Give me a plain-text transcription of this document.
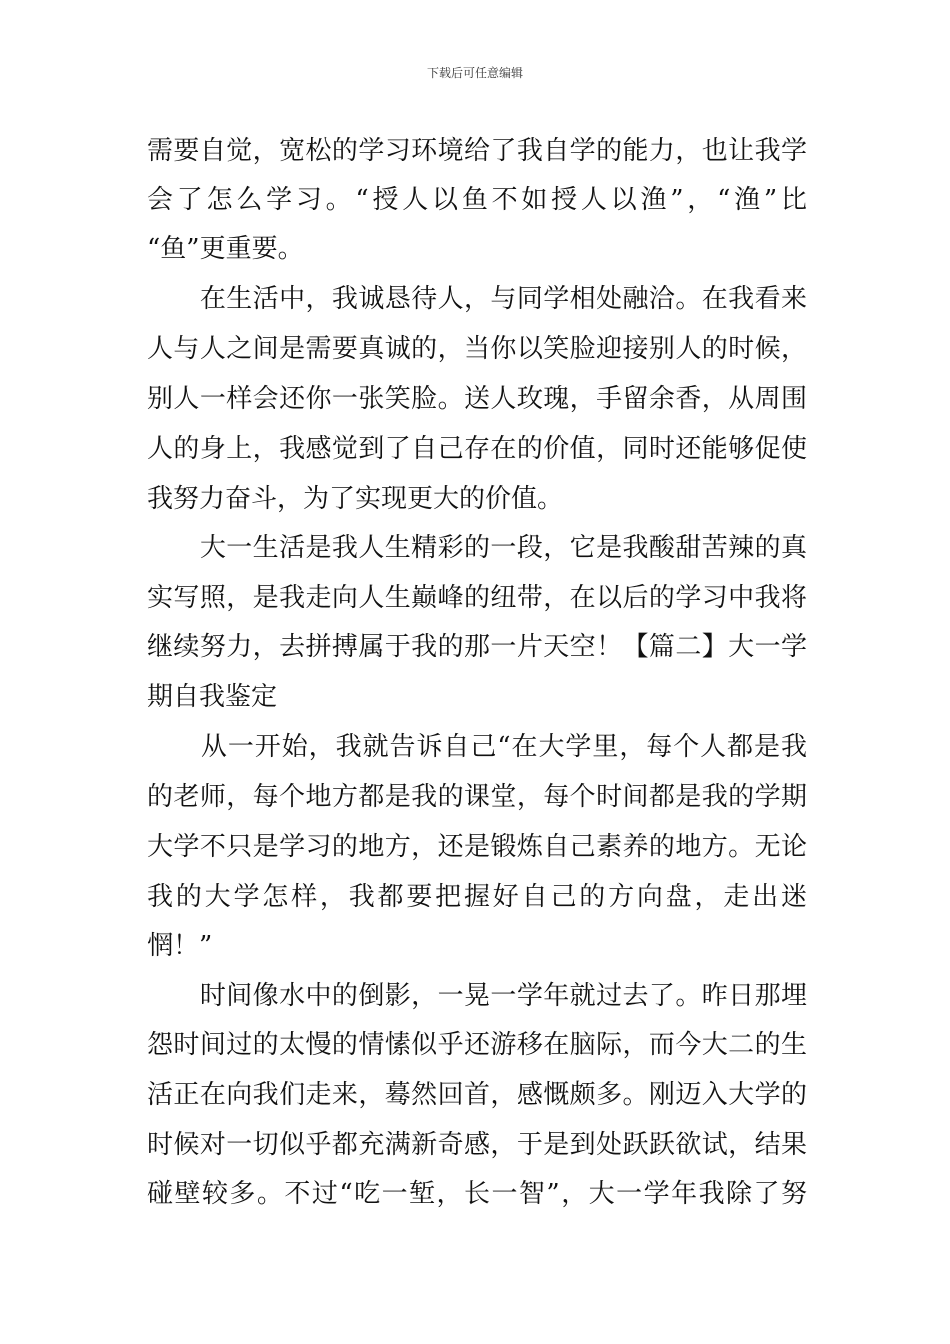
下载后可任意编辑
需要自觉，宽松的学习环境给了我自学的能力，也让我学
会了怎么学习。“授人以鱼不如授人以渔”，“渔”比
“鱼”更重要。
　　在生活中，我诚恳待人，与同学相处融洽。在我看来
人与人之间是需要真诚的，当你以笑脸迎接别人的时候，
别人一样会还你一张笑脸。送人玫瑰，手留余香，从周围
人的身上，我感觉到了自己存在的价值，同时还能够促使
我努力奋斗，为了实现更大的价值。
　　大一生活是我人生精彩的一段，它是我酸甜苦辣的真
实写照，是我走向人生巅峰的纽带，在以后的学习中我将
继续努力，去拼搏属于我的那一片天空！【篇二】大一学
期自我鉴定
　　从一开始，我就告诉自己“在大学里，每个人都是我
的老师，每个地方都是我的课堂，每个时间都是我的学期
大学不只是学习的地方，还是锻炼自己素养的地方。无论
我的大学怎样，我都要把握好自己的方向盘，走出迷
惘！”
　　时间像水中的倒影，一晃一学年就过去了。昨日那埋
怨时间过的太慢的情愫似乎还游移在脑际，而今大二的生
活正在向我们走来，蓦然回首，感慨颇多。刚迈入大学的
时候对一切似乎都充满新奇感，于是到处跃跃欲试，结果
碰壁较多。不过“吃一堑，长一智”，大一学年我除了努
